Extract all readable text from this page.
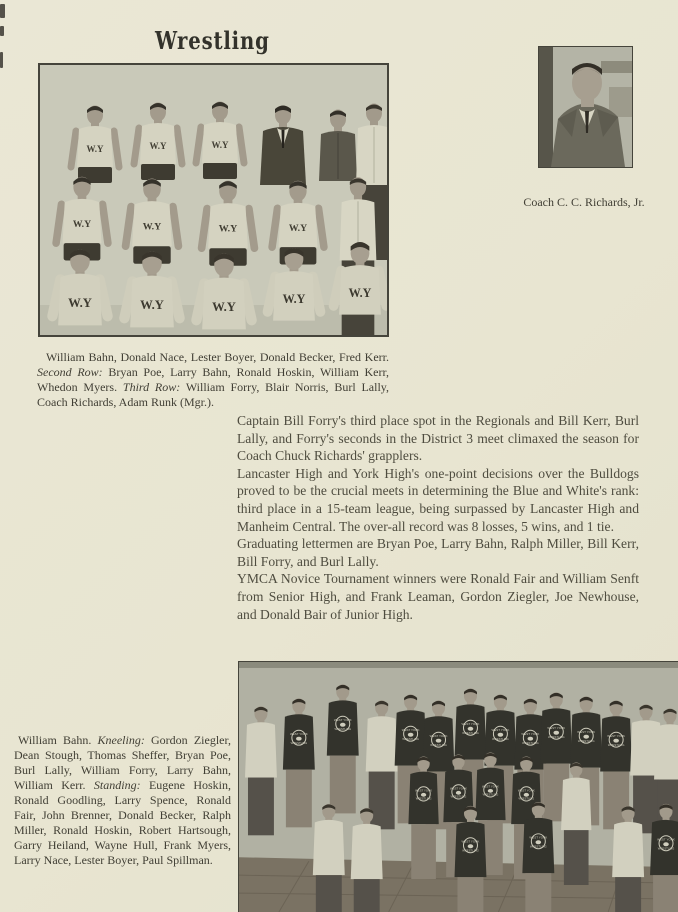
Wrestling

William Bahn, Donald Nace, Lester Boyer, Donald Becker, Fred Kerr. Second Row: Bryan Poe, Larry Bahn, Ronald Hoskin, William Kerr, Whedon Myers. Third Row: William Forry, Blair Norris, Burl Lally, Coach Richards, Adam Runk (Mgr.).

Coach C. C. Richards, Jr.

Captain Bill Forry's third place spot in the Regionals and Bill Kerr, Burl Lally, and Forry's seconds in the District 3 meet climaxed the season for Coach Chuck Richards' grapplers.

Lancaster High and York High's one-point decisions over the Bulldogs proved to be the crucial meets in determining the Blue and White's rank: third place in a 15-team league, being surpassed by Lancaster High and Manheim Central. The over-all record was 8 losses, 5 wins, and 1 tie.

Graduating lettermen are Bryan Poe, Larry Bahn, Ralph Miller, Bill Kerr, Bill Forry, and Burl Lally.

YMCA Novice Tournament winners were Ronald Fair and William Senft from Senior High, and Frank Leaman, Gordon Ziegler, Joe Newhouse, and Donald Bair of Junior High.

William Bahn. Kneeling: Gordon Ziegler, Dean Stough, Thomas Sheffer, Bryan Poe, Burl Lally, William Forry, Larry Bahn, William Kerr. Standing: Eugene Hoskin, Ronald Goodling, Larry Spence, Ronald Fair, John Brenner, Donald Becker, Ralph Miller, Ronald Hoskin, Robert Hartsough, Garry Heiland, Wayne Hull, Frank Myers, Larry Nace, Lester Boyer, Paul Spillman.
